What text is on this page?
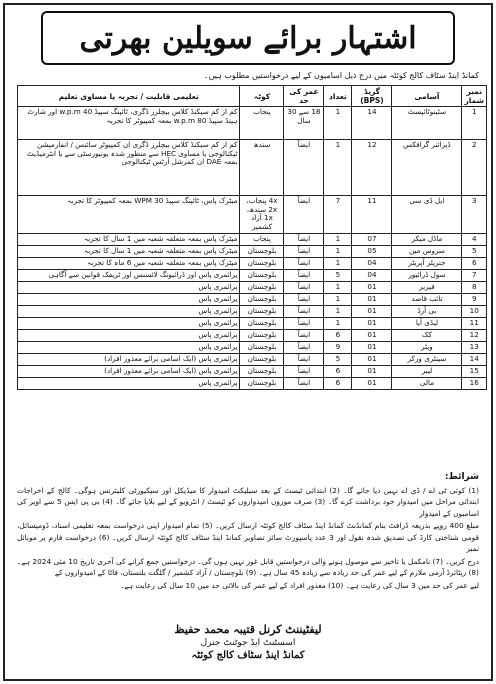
اشتہار برائے سویلین بھرتی
کمانڈ اینڈ سٹاف کالج کوئٹہ میں درج ذیل اسامیوں کے لیے درخواستیں مطلوب ہیں۔
نمبر شمار	آسامی	گریڈ (BPS)	تعداد	عمر کی حد	کوٹہ	تعلیمی قابلیت / تجربہ یا مساوی تعلیم
1	سٹینوٹائپسٹ	14	1	18 سے 30 سال	پنجاب	کم از کم سیکنڈ کلاس بیچلرز ڈگری، ٹائپنگ سپیڈ w.p.m 40 اور شارٹ ہینڈ سپیڈ w.p.m 80 بمعہ کمپیوٹر کا تجربہ
2	ڈیزائنر گرافکس	12	1	ایضاً	سندھ	کم از کم سیکنڈ کلاس بیچلرز ڈگری ان کمپیوٹر سائنس / انفارمیشن ٹیکنالوجی یا مساوی HEC سے منظور شدہ یونیورسٹی سے یا انٹرمیڈیٹ بمعہ DAE ان کمرشل آرٹس ٹیکنالوجی
3	ایل ڈی سی	11	7	ایضاً	4x پنجاب، 2x سندھ، 1x آزاد کشمیر	میٹرک پاس، ٹائپنگ سپیڈ WPM 30 بمعہ کمپیوٹر کا تجربہ
4	ماڈل میکر	07	1	ایضاً	پنجاب	میٹرک پاس بمعہ متعلقہ شعبہ میں 1 سال کا تجربہ
5	سروس مین	05	1	ایضاً	بلوچستان	میٹرک پاس بمعہ متعلقہ شعبہ میں 1 سال کا تجربہ
6	جنریٹر آپریٹر	04	1	ایضاً	بلوچستان	میٹرک پاس بمعہ متعلقہ شعبہ میں 6 ماہ کا تجربہ
7	سول ڈرائیور	04	5	ایضاً	بلوچستان	پرائمری پاس اور ڈرائیونگ لائسنس اور ٹریفک قوانین سے آگاہی
8	فیربر	01	1	ایضاً	بلوچستان	پرائمری پاس
9	نائب قاصد	01	1	ایضاً	بلوچستان	پرائمری پاس
10	بی آرڈ	01	1	ایضاً	بلوچستان	پرائمری پاس
11	لیڈی آیا	01	1	ایضاً	بلوچستان	پرائمری پاس
12	کک	01	6	ایضاً	بلوچستان	پرائمری پاس
13	ویٹر	01	9	ایضاً	بلوچستان	پرائمری پاس
14	سینٹری ورکر	01	5	ایضاً	بلوچستان	پرائمری پاس (ایک اسامی برائے معذور افراد)
15	لیبر	01	6	ایضاً	بلوچستان	پرائمری پاس (ایک اسامی برائے معذور افراد)
16	مالی	01	6	ایضاً	بلوچستان	پرائمری پاس
شرائط:

(1) کوئی ٹی اے / ڈی اے نہیں دیا جائے گا۔ (2) ابتدائی ٹیسٹ کے بعد سیلیکٹ امیدوار کا میڈیکل اور سیکیورٹی کلیئرنس ہوگی۔ کالج کے اخراجات ابتدائی مراحل میں امیدوار خود برداشت کرے گا۔ (3) صرف موزوں امیدواروں کو ٹیسٹ / انٹرویو کے لیے بلایا جائے گا۔ (4) بی پی ایس 5 سے اوپر کی اسامیوں کے امیدوار

مبلغ 400 روپے بذریعہ ڈرافٹ بنام کمانڈنٹ کمانڈ اینڈ سٹاف کالج کوئٹہ ارسال کریں۔ (5) تمام امیدوار اپنی درخواست بمعہ تعلیمی اسناد، ڈومیسائل، قومی شناختی کارڈ کی تصدیق شدہ نقول اور 3 عدد پاسپورٹ سائز تصاویر کمانڈ اینڈ سٹاف کالج کوئٹہ ارسال کریں۔ (6) درخواست فارم پر موبائل نمبر

درج کریں۔ (7) نامکمل یا تاخیر سے موصول ہونے والی درخواستیں قابل غور نہیں ہوں گی۔ درخواستیں جمع کرانے کی آخری تاریخ 10 مئی 2024 ہے۔ (8) ریٹائرڈ آرمی ملازم کے لیے عمر کی حد زیادہ سے زیادہ 45 سال ہے۔ (9) بلوچستان / آزاد کشمیر / گلگت بلتستان، فاٹا کے امیدواروں کے

لیے عمر کی حد میں 3 سال کی رعایت ہے۔ (10) معذور افراد کے لیے عمر کی بالائی حد میں 10 سال کی رعایت ہے۔

لیفٹیننٹ کرنل قتیبہ محمد حفیظ
اسسٹنٹ ایڈ جوٹنٹ جنرل
کمانڈ اینڈ سٹاف کالج کوئٹہ
